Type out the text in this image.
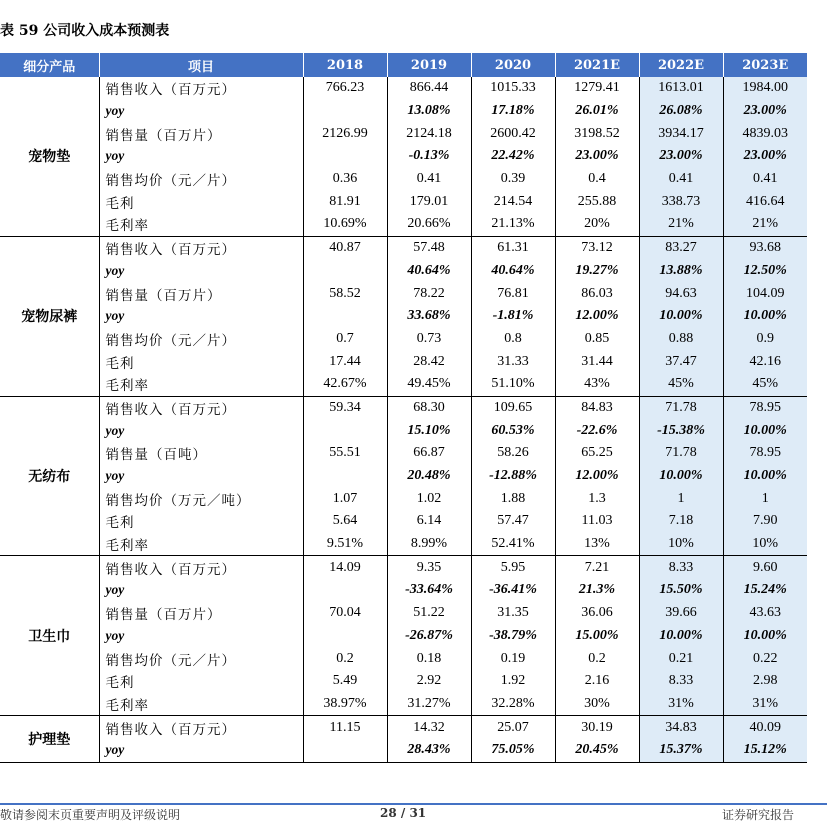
表 59 公司收入成本预测表
细分产品	项目	2018	2019	2020	2021E	2022E	2023E
宠物垫	销售收入（百万元）	766.23	866.44	1015.33	1279.41	1613.01	1984.00
	yoy		13.08%	17.18%	26.01%	26.08%	23.00%
	销售量（百万片）	2126.99	2124.18	2600.42	3198.52	3934.17	4839.03
	yoy		-0.13%	22.42%	23.00%	23.00%	23.00%
	销售均价（元／片）	0.36	0.41	0.39	0.4	0.41	0.41
	毛利	81.91	179.01	214.54	255.88	338.73	416.64
	毛利率	10.69%	20.66%	21.13%	20%	21%	21%
宠物尿裤	销售收入（百万元）	40.87	57.48	61.31	73.12	83.27	93.68
	yoy		40.64%	40.64%	19.27%	13.88%	12.50%
	销售量（百万片）	58.52	78.22	76.81	86.03	94.63	104.09
	yoy		33.68%	-1.81%	12.00%	10.00%	10.00%
	销售均价（元／片）	0.7	0.73	0.8	0.85	0.88	0.9
	毛利	17.44	28.42	31.33	31.44	37.47	42.16
	毛利率	42.67%	49.45%	51.10%	43%	45%	45%
无纺布	销售收入（百万元）	59.34	68.30	109.65	84.83	71.78	78.95
	yoy		15.10%	60.53%	-22.6%	-15.38%	10.00%
	销售量（百吨）	55.51	66.87	58.26	65.25	71.78	78.95
	yoy		20.48%	-12.88%	12.00%	10.00%	10.00%
	销售均价（万元／吨）	1.07	1.02	1.88	1.3	1	1
	毛利	5.64	6.14	57.47	11.03	7.18	7.90
	毛利率	9.51%	8.99%	52.41%	13%	10%	10%
卫生巾	销售收入（百万元）	14.09	9.35	5.95	7.21	8.33	9.60
	yoy		-33.64%	-36.41%	21.3%	15.50%	15.24%
	销售量（百万片）	70.04	51.22	31.35	36.06	39.66	43.63
	yoy		-26.87%	-38.79%	15.00%	10.00%	10.00%
	销售均价（元／片）	0.2	0.18	0.19	0.2	0.21	0.22
	毛利	5.49	2.92	1.92	2.16	8.33	2.98
	毛利率	38.97%	31.27%	32.28%	30%	31%	31%
护理垫	销售收入（百万元）	11.15	14.32	25.07	30.19	34.83	40.09
	yoy		28.43%	75.05%	20.45%	15.37%	15.12%
敬请参阅末页重要声明及评级说明	28 / 31	证券研究报告
